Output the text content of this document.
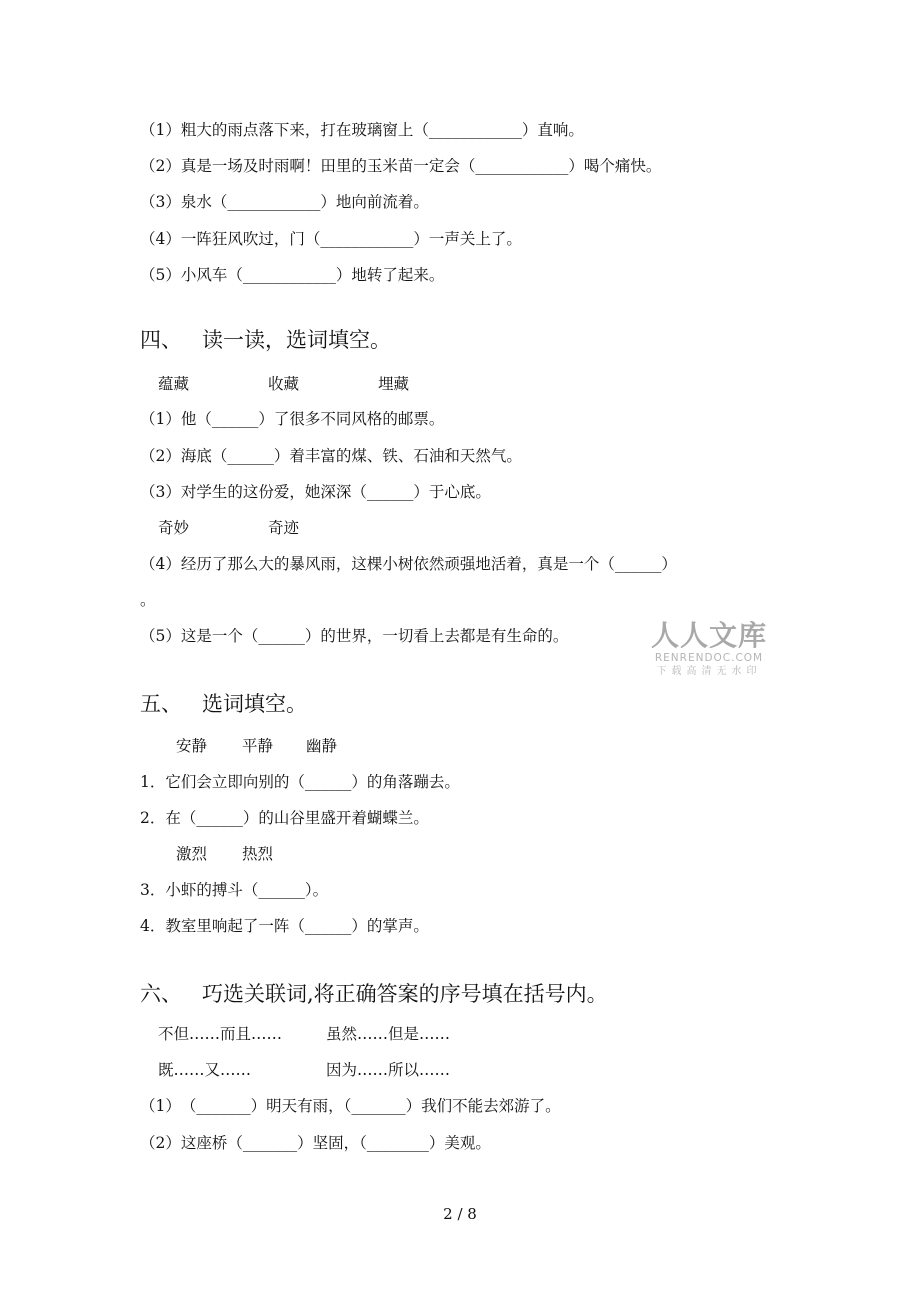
（1）粗大的雨点落下来，打在玻璃窗上（____________）直响。
（2）真是一场及时雨啊！田里的玉米苗一定会（____________）喝个痛快。
（3）泉水（____________）地向前流着。
（4）一阵狂风吹过，门（____________）一声关上了。
（5）小风车（____________）地转了起来。
四、 读一读，选词填空。
蕴藏	收藏	埋藏
（1）他（______）了很多不同风格的邮票。
（2）海底（______）着丰富的煤、铁、石油和天然气。
（3）对学生的这份爱，她深深（______）于心底。
奇妙	奇迹
（4）经历了那么大的暴风雨，这棵小树依然顽强地活着，真是一个（______）
。
（5）这是一个（______）的世界，一切看上去都是有生命的。	人人文库
RENRENDOC.COM
下载高清无水印
五、 选词填空。
安静 平静 幽静
1．它们会立即向别的（______）的角落蹦去。
2．在（______）的山谷里盛开着蝴蝶兰。
激烈 热烈
3．小虾的搏斗（______）。
4．教室里响起了一阵（______）的掌声。
六、 巧选关联词,将正确答案的序号填在括号内。
不但……而且……	虽然……但是……
既……又……	因为……所以……
（1）　（_______）明天有雨，（_______）我们不能去郊游了。
（2）这座桥（_______）坚固，（________）美观。
2 / 8
